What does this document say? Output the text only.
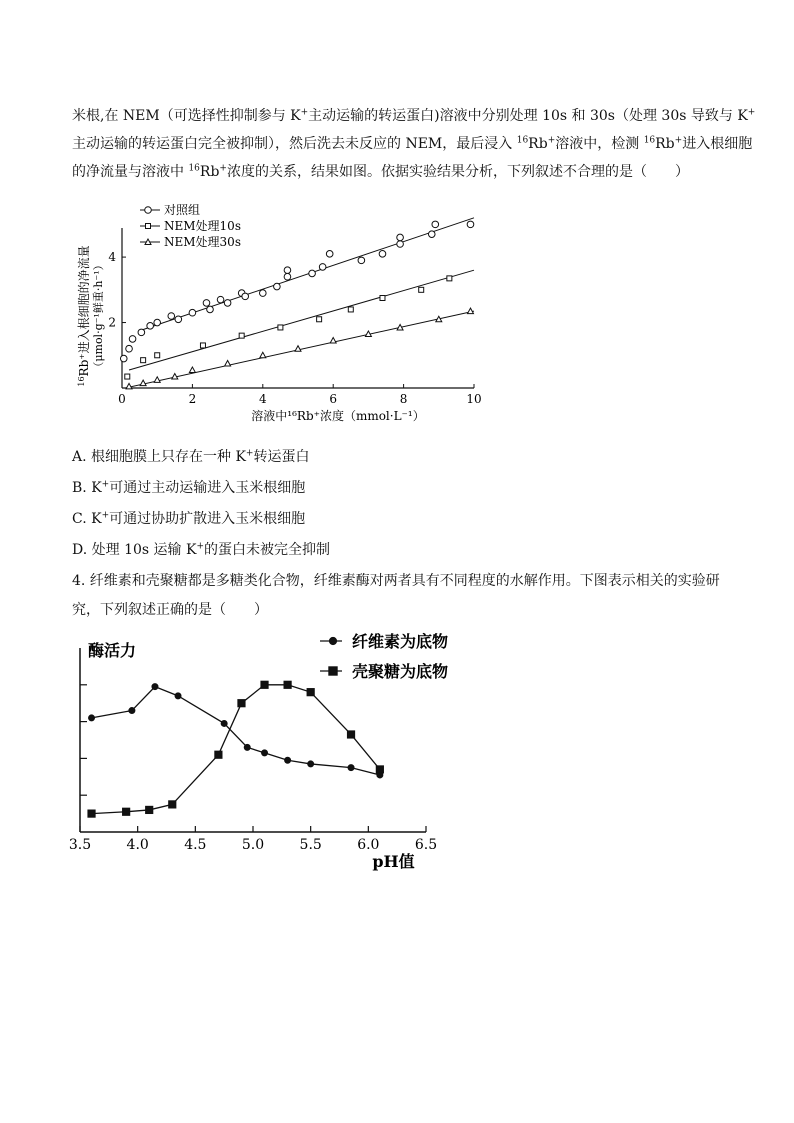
米根,在 NEM（可选择性抑制参与 K+主动运输的转运蛋白)溶液中分别处理 10s 和 30s（处理 30s 导致与 K+
主动运输的转运蛋白完全被抑制），然后洗去未反应的 NEM，最后浸入 $^{16}$Rb+溶液中，检测 $^{16}$Rb+进入根细胞
的净流量与溶液中 $^{16}$Rb+浓度的关系，结果如图。依据实验结果分析，下列叙述不合理的是（　　）
0	2	4	6	8	10
2
4
溶液中¹⁶Rb⁺浓度（mmol·L⁻¹）
$^{16}$Rb⁺进入根细胞的净流量 （μmol·g⁻¹鲜重·h⁻¹）
对照组
NEM处理10s
NEM处理30s
A. 根细胞膜上只存在一种 K+转运蛋白
B. K+可通过主动运输进入玉米根细胞
C. K+可通过协助扩散进入玉米根细胞
D. 处理 10s 运输 K+的蛋白未被完全抑制
4. 纤维素和壳聚糖都是多糖类化合物，纤维素酶对两者具有不同程度的水解作用。下图表示相关的实验研
究，下列叙述正确的是（　　）
3.5	4.0	4.5	5.0	5.5	6.0	6.5
pH值
酶活力	纤维素为底物
壳聚糖为底物
